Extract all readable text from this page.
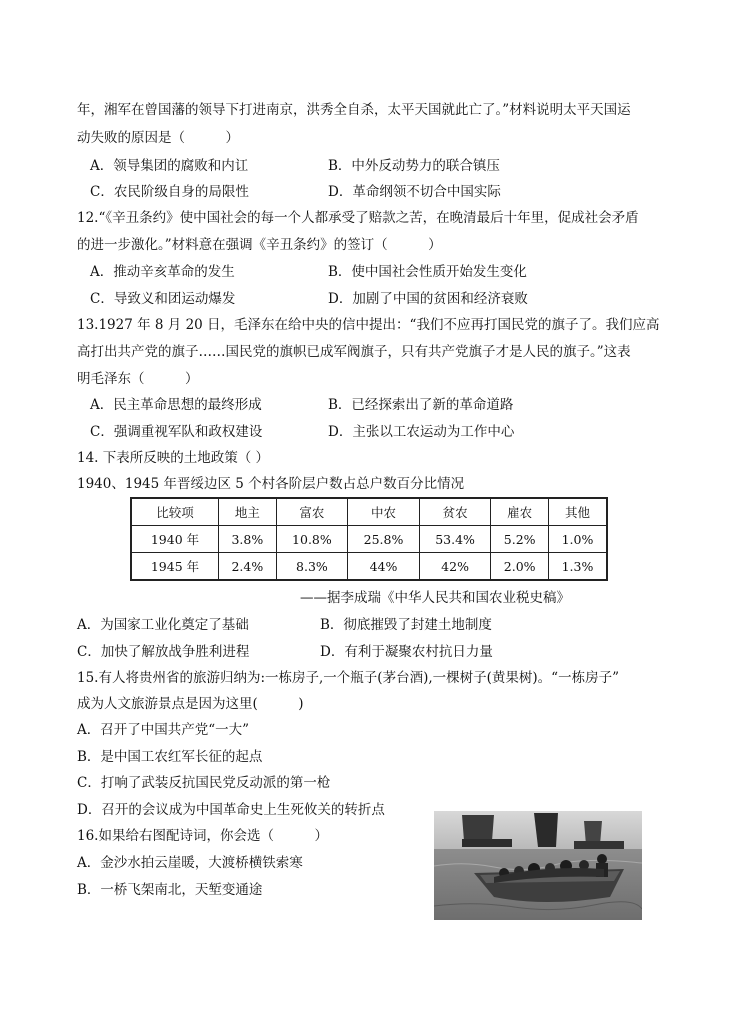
年，湘军在曾国藩的领导下打进南京，洪秀全自杀，太平天国就此亡了。”材料说明太平天国运
动失败的原因是（　　　）
A．领导集团的腐败和内讧	B．中外反动势力的联合镇压
C．农民阶级自身的局限性	D．革命纲领不切合中国实际
12.“《辛丑条约》使中国社会的每一个人都承受了赔款之苦，在晚清最后十年里，促成社会矛盾
的进一步激化。”材料意在强调《辛丑条约》的签订（　　　）
A．推动辛亥革命的发生	B．使中国社会性质开始发生变化
C．导致义和团运动爆发	D．加剧了中国的贫困和经济衰败
13.1927 年 8 月 20 日，毛泽东在给中央的信中提出：“我们不应再打国民党的旗子了。我们应高
高打出共产党的旗子……国民党的旗帜已成军阀旗子，只有共产党旗子才是人民的旗子。”这表
明毛泽东（　　　）
A．民主革命思想的最终形成	B．已经探索出了新的革命道路
C．强调重视军队和政权建设	D．主张以工农运动为工作中心
14. 下表所反映的土地政策（ ）
1940、1945 年晋绥边区 5 个村各阶层户数占总户数百分比情况
比较项	地主	富农	中农	贫农	雇农	其他
1940 年	3.8%	10.8%	25.8%	53.4%	5.2%	1.0%
1945 年	2.4%	8.3%	44%	42%	2.0%	1.3%
——据李成瑞《中华人民共和国农业税史稿》
A．为国家工业化奠定了基础	B．彻底摧毁了封建土地制度
C．加快了解放战争胜利进程	D．有利于凝聚农村抗日力量
15.有人将贵州省的旅游归纳为:一栋房子,一个瓶子(茅台酒),一棵树子(黄果树)。“一栋房子”
成为人文旅游景点是因为这里(　　　)
A．召开了中国共产党“一大”
B．是中国工农红军长征的起点
C．打响了武装反抗国民党反动派的第一枪
D．召开的会议成为中国革命史上生死攸关的转折点
16.如果给右图配诗词，你会选（　　　）
A．金沙水拍云崖暖，大渡桥横铁索寒
B．一桥飞架南北，天堑变通途
